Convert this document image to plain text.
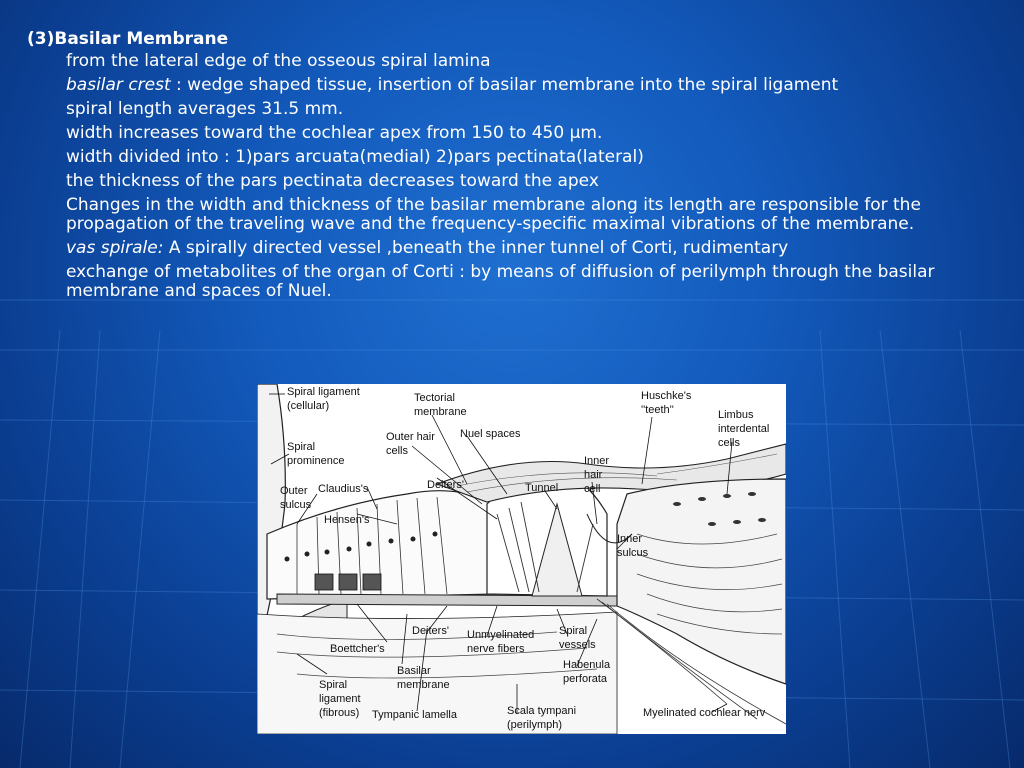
(3)Basilar Membrane
from the lateral edge of the osseous spiral lamina
basilar crest : wedge shaped tissue, insertion of basilar membrane into the spiral ligament
spiral length averages 31.5 mm.
width increases toward the cochlear apex from 150 to 450 μm.
width divided into : 1)pars arcuata(medial) 2)pars pectinata(lateral)
the thickness of the pars pectinata decreases toward the apex
Changes in the width and thickness of the basilar membrane along its length are responsible for the propagation of the traveling wave and the frequency-specific maximal vibrations of the membrane.
vas spirale: A spirally directed vessel ,beneath the inner tunnel of Corti, rudimentary
exchange of metabolites of the organ of Corti : by means of diffusion of perilymph through the basilar membrane and spaces of Nuel.
Spiral ligament
(cellular)
Spiral
prominence
Outer
sulcus
Claudius's
Hensen's
Tectorial
membrane
Outer hair
cells
Nuel spaces
Deiters'	Tunnel
Inner
hair
cell
Huschke's
''teeth''	Limbus
interdental
cells
Inner
sulcus
Boettcher's
Deiters' Unmyelinated
nerve fibers
Spiral
vessels
Basilar
membrane
Habenula
perforata
Spiral
ligament
(fibrous) Tympanic lamella	Scala tympani
(perilymph)
Myelinated cochlear nerv
